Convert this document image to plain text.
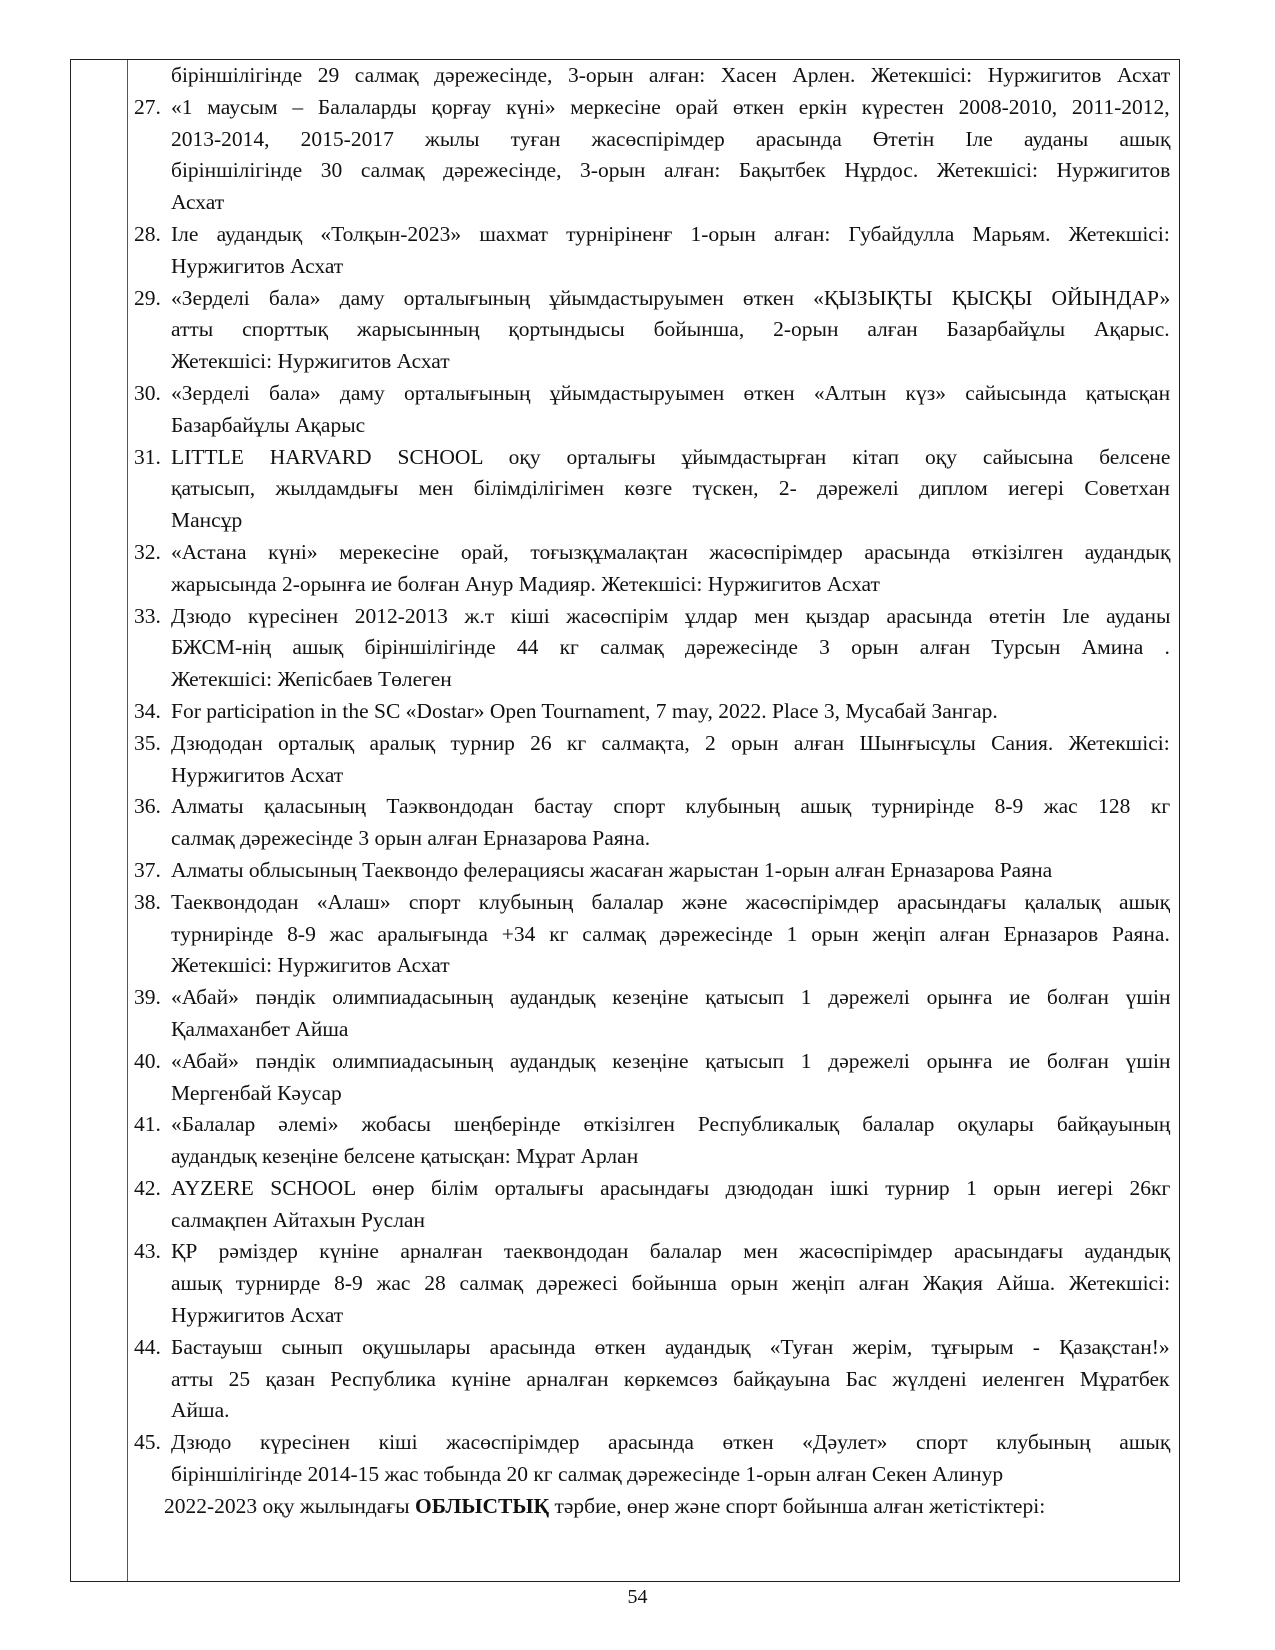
біріншілігінде 29 салмақ дәрежесінде, 3-орын алған: Хасен Арлен. Жетекшісі: Нуржигитов Асхат
27. «1 маусым – Балаларды қорғау күні» меркесіне орай өткен еркін күрестен 2008-2010, 2011-2012,
2013-2014, 2015-2017 жылы туған жасөспірімдер арасында Өтетін Іле ауданы ашық
біріншілігінде 30 салмақ дәрежесінде, 3-орын алған: Бақытбек Нұрдос. Жетекшісі: Нуржигитов
Асхат
28. Іле аудандық «Толқын-2023» шахмат турніріненғ 1-орын алған: Губайдулла Марьям. Жетекшісі:
Нуржигитов Асхат
29. «Зерделі бала» даму орталығының ұйымдастыруымен өткен «ҚЫЗЫҚТЫ ҚЫСҚЫ ОЙЫНДАР»
атты спорттық жарысынның қортындысы бойынша, 2-орын алған Базарбайұлы Ақарыс.
Жетекшісі: Нуржигитов Асхат
30. «Зерделі бала» даму орталығының ұйымдастыруымен өткен «Алтын күз» сайысында қатысқан
Базарбайұлы Ақарыс
31. LITTLE HARVARD SCHOOL оқу орталығы ұйымдастырған кітап оқу сайысына белсене
қатысып, жылдамдығы мен білімділігімен көзге түскен, 2- дәрежелі диплом иегері Советхан
Мансұр
32. «Астана күні» мерекесіне орай, тоғызқұмалақтан жасөспірімдер арасында өткізілген аудандық
жарысында 2-орынға ие болған Анур Мадияр. Жетекшісі: Нуржигитов Асхат
33. Дзюдо күресінен 2012-2013 ж.т кіші жасөспірім ұлдар мен қыздар арасында өтетін Іле ауданы
БЖСМ-нің ашық біріншілігінде 44 кг салмақ дәрежесінде 3 орын алған Турсын Амина .
Жетекшісі: Жепісбаев Төлеген
34. For participation in the SC «Dostar» Open Tournament, 7 may, 2022. Place 3, Мусабай Зангар.
35. Дзюдодан орталық аралық турнир 26 кг салмақта, 2 орын алған Шынғысұлы Сания. Жетекшісі:
Нуржигитов Асхат
36. Алматы қаласының Таэквондодан бастау спорт клубының ашық турнирінде 8-9 жас 128 кг
салмақ дәрежесінде 3 орын алған Ерназарова Раяна.
37. Алматы облысының Таеквондо фелерациясы жасаған жарыстан 1-орын алған Ерназарова Раяна
38. Таеквондодан «Алаш» спорт клубының балалар және жасөспірімдер арасындағы қалалық ашық
турнирінде 8-9 жас аралығында +34 кг салмақ дәрежесінде 1 орын жеңіп алған Ерназаров Раяна.
Жетекшісі: Нуржигитов Асхат
39. «Абай» пәндік олимпиадасының аудандық кезеңіне қатысып 1 дәрежелі орынға ие болған үшін
Қалмаханбет Айша
40. «Абай» пәндік олимпиадасының аудандық кезеңіне қатысып 1 дәрежелі орынға ие болған үшін
Мергенбай Кәусар
41. «Балалар әлемі» жобасы шеңберінде өткізілген Республикалық балалар оқулары байқауының
аудандық кезеңіне белсене қатысқан: Мұрат Арлан
42. AYZERE SCHOOL өнер білім орталығы арасындағы дзюдодан ішкі турнир 1 орын иегері 26кг
салмақпен Айтахын Руслан
43. ҚР рәміздер күніне арналған таеквондодан балалар мен жасөспірімдер арасындағы аудандық
ашық турнирде 8-9 жас 28 салмақ дәрежесі бойынша орын жеңіп алған Жақия Айша. Жетекшісі:
Нуржигитов Асхат
44. Бастауыш сынып оқушылары арасында өткен аудандық «Туған жерім, тұғырым - Қазақстан!»
атты 25 қазан Республика күніне арналған көркемсөз байқауына Бас жүлдені иеленген Мұратбек
Айша.
45. Дзюдо күресінен кіші жасөспірімдер арасында өткен «Дәулет» спорт клубының ашық
біріншілігінде 2014-15 жас тобында 20 кг салмақ дәрежесінде 1-орын алған Секен Алинур
2022-2023 оқу жылындағы ОБЛЫСТЫҚ тәрбие, өнер және спорт бойынша алған жетістіктері:
54
